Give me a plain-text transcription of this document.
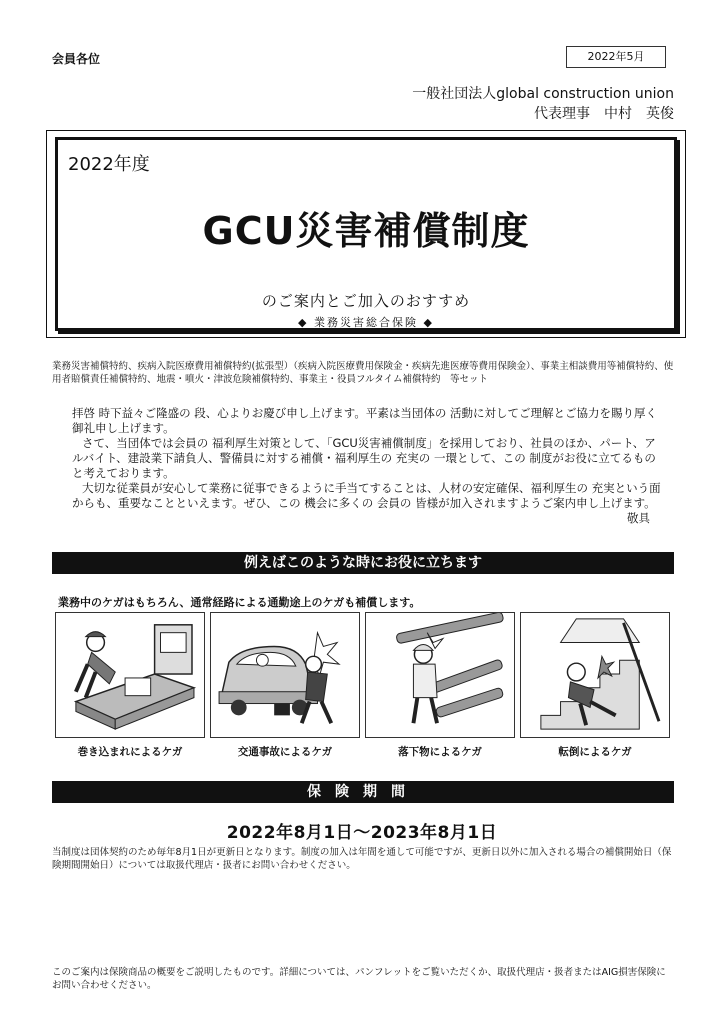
会員各位	2022年5月
一般社団法人global construction union
代表理事　中村　英俊
2022年度
GCU災害補償制度
のご案内とご加入のおすすめ
◆ 業務災害総合保険 ◆
業務災害補償特約、疾病入院医療費用補償特約(拡張型）（疾病入院医療費用保険金・疾病先進医療等費用保険金）、事業主相談費用等補償特約、使用者賠償責任補償特約、地震・噴火・津波危険補償特約、事業主・役員フルタイム補償特約　等セット

拝啓 時下益々ご隆盛の 段、心よりお慶び申し上げます。平素は当団体の 活動に対してご理解とご協力を賜り厚く御礼申し上げます。

さて、当団体では会員の 福利厚生対策として、「GCU災害補償制度」を採用しており、社員のほか、パート、アルバイト、建設業下請負人、警備員に対する補償・福利厚生の 充実の 一環として、この 制度がお役に立てるものと考えております。

大切な従業員が安心して業務に従事できるように手当てすることは、人材の安定確保、福利厚生の 充実という面からも、重要なことといえます。ぜひ、この 機会に多くの 会員の 皆様が加入されますようご案内申し上げます。

敬具

例えばこのような時にお役に立ちます
業務中のケガはもちろん、通常経路による通勤途上のケガも補償します。
巻き込まれによるケガ	交通事故によるケガ	落下物によるケガ	転倒によるケガ
保険期間
2022年8月1日～2023年8月1日
当制度は団体契約のため毎年8月1日が更新日となります。制度の加入は年間を通して可能ですが、更新日以外に加入される場合の補償開始日（保険期間開始日）については取扱代理店・扱者にお問い合わせください。
このご案内は保険商品の概要をご説明したものです。詳細については、パンフレットをご覧いただくか、取扱代理店・扱者またはAIG損害保険にお問い合わせください。
